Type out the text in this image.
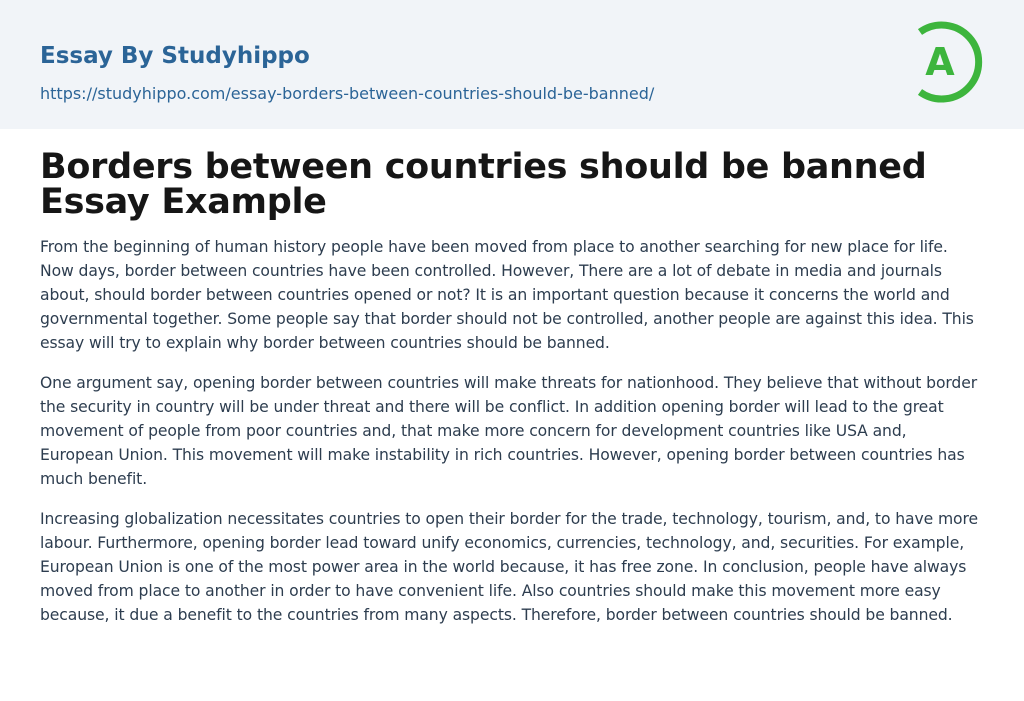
Essay By Studyhippo
https://studyhippo.com/essay-borders-between-countries-should-be-banned/
A
Borders between countries should be banned Essay Example

From the beginning of human history people have been moved from place to another searching for new place for life. Now days, border between countries have been controlled. However, There are a lot of debate in media and journals about, should border between countries opened or not? It is an important question because it concerns the world and governmental together. Some people say that border should not be controlled, another people are against this idea. This essay will try to explain why border between countries should be banned.

One argument say, opening border between countries will make threats for nationhood. They believe that without border the security in country will be under threat and there will be conflict. In addition opening border will lead to the great movement of people from poor countries and, that make more concern for development countries like USA and, European Union. This movement will make instability in rich countries. However, opening border between countries has much benefit.

Increasing globalization necessitates countries to open their border for the trade, technology, tourism, and, to have more labour. Furthermore, opening border lead toward unify economics, currencies, technology, and, securities. For example, European Union is one of the most power area in the world because, it has free zone. In conclusion, people have always moved from place to another in order to have convenient life. Also countries should make this movement more easy because, it due a benefit to the countries from many aspects. Therefore, border between countries should be banned.
